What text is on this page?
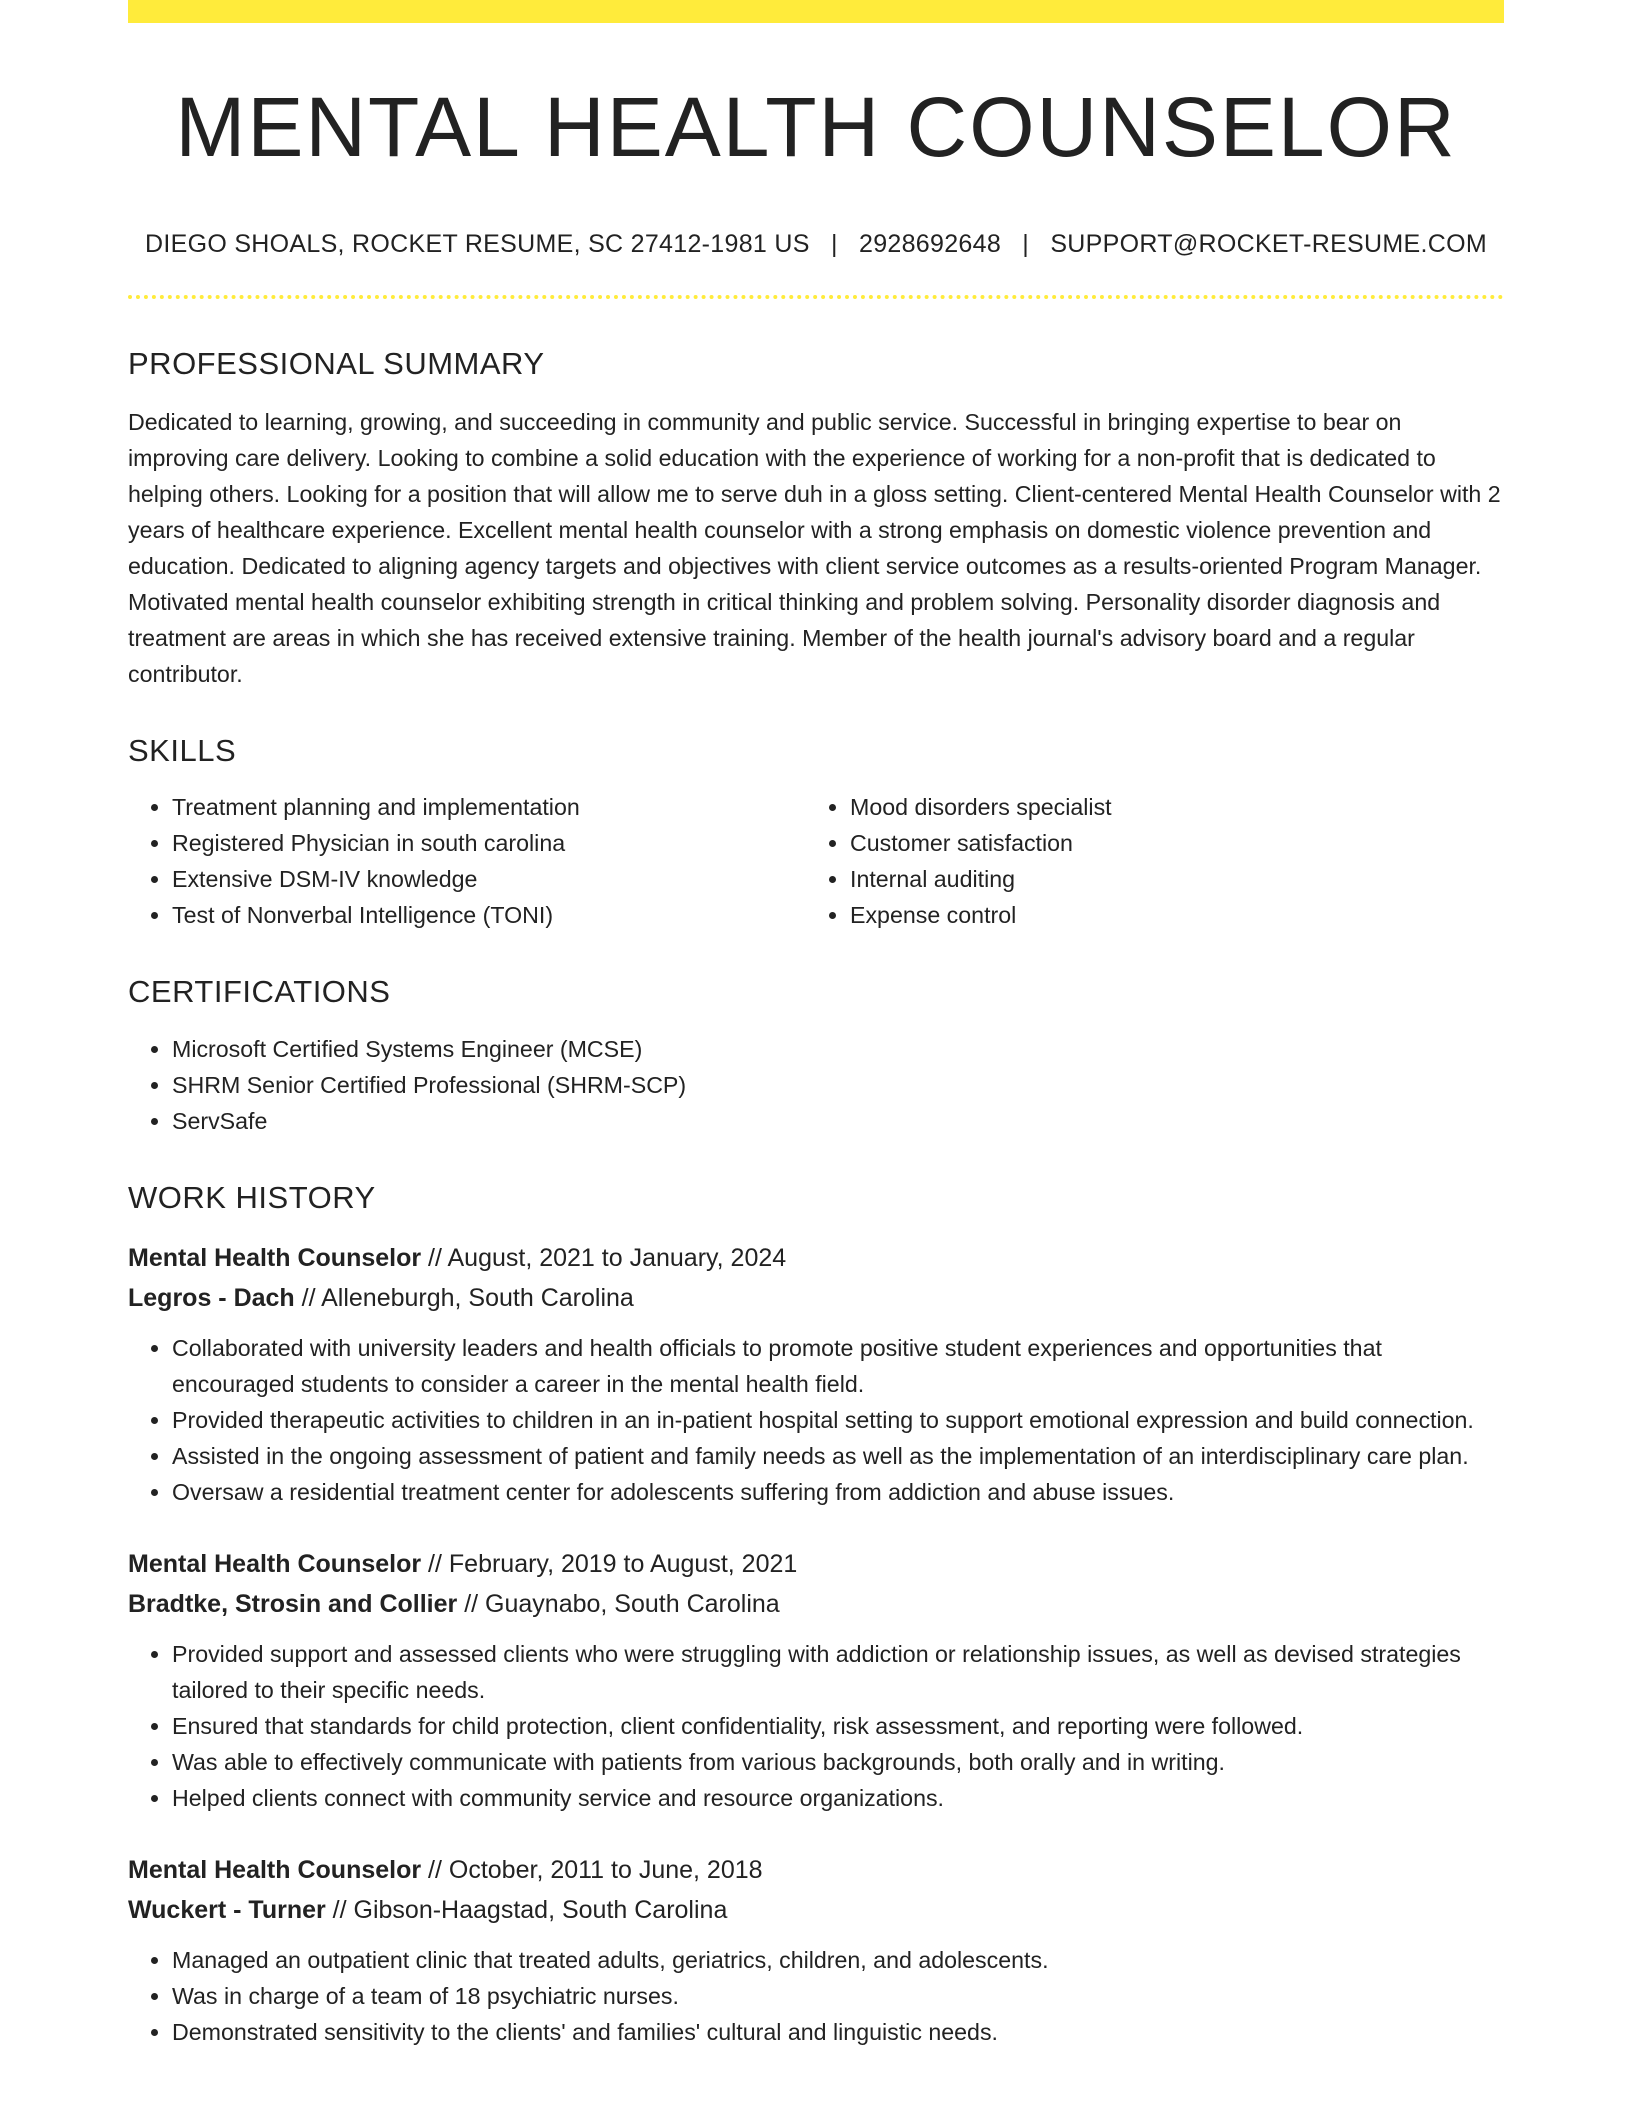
MENTAL HEALTH COUNSELOR
DIEGO SHOALS, ROCKET RESUME, SC 27412-1981 US | 2928692648 | SUPPORT@ROCKET-RESUME.COM
PROFESSIONAL SUMMARY

Dedicated to learning, growing, and succeeding in community and public service. Successful in bringing expertise to bear on improving care delivery. Looking to combine a solid education with the experience of working for a non-profit that is dedicated to helping others. Looking for a position that will allow me to serve duh in a gloss setting. Client-centered Mental Health Counselor with 2 years of healthcare experience. Excellent mental health counselor with a strong emphasis on domestic violence prevention and education. Dedicated to aligning agency targets and objectives with client service outcomes as a results-oriented Program Manager. Motivated mental health counselor exhibiting strength in critical thinking and problem solving. Personality disorder diagnosis and treatment are areas in which she has received extensive training. Member of the health journal's advisory board and a regular contributor.

SKILLS
• Treatment planning and implementation
• Registered Physician in south carolina
• Extensive DSM-IV knowledge
• Test of Nonverbal Intelligence (TONI)
• Mood disorders specialist
• Customer satisfaction
• Internal auditing
• Expense control
CERTIFICATIONS
• Microsoft Certified Systems Engineer (MCSE)
• SHRM Senior Certified Professional (SHRM-SCP)
• ServSafe
WORK HISTORY
Mental Health Counselor // August, 2021 to January, 2024
Legros - Dach // Alleneburgh, South Carolina
• Collaborated with university leaders and health officials to promote positive student experiences and opportunities that encouraged students to consider a career in the mental health field.
• Provided therapeutic activities to children in an in-patient hospital setting to support emotional expression and build connection.
• Assisted in the ongoing assessment of patient and family needs as well as the implementation of an interdisciplinary care plan.
• Oversaw a residential treatment center for adolescents suffering from addiction and abuse issues.
Mental Health Counselor // February, 2019 to August, 2021
Bradtke, Strosin and Collier // Guaynabo, South Carolina
• Provided support and assessed clients who were struggling with addiction or relationship issues, as well as devised strategies tailored to their specific needs.
• Ensured that standards for child protection, client confidentiality, risk assessment, and reporting were followed.
• Was able to effectively communicate with patients from various backgrounds, both orally and in writing.
• Helped clients connect with community service and resource organizations.
Mental Health Counselor // October, 2011 to June, 2018
Wuckert - Turner // Gibson-Haagstad, South Carolina
• Managed an outpatient clinic that treated adults, geriatrics, children, and adolescents.
• Was in charge of a team of 18 psychiatric nurses.
• Demonstrated sensitivity to the clients' and families' cultural and linguistic needs.
